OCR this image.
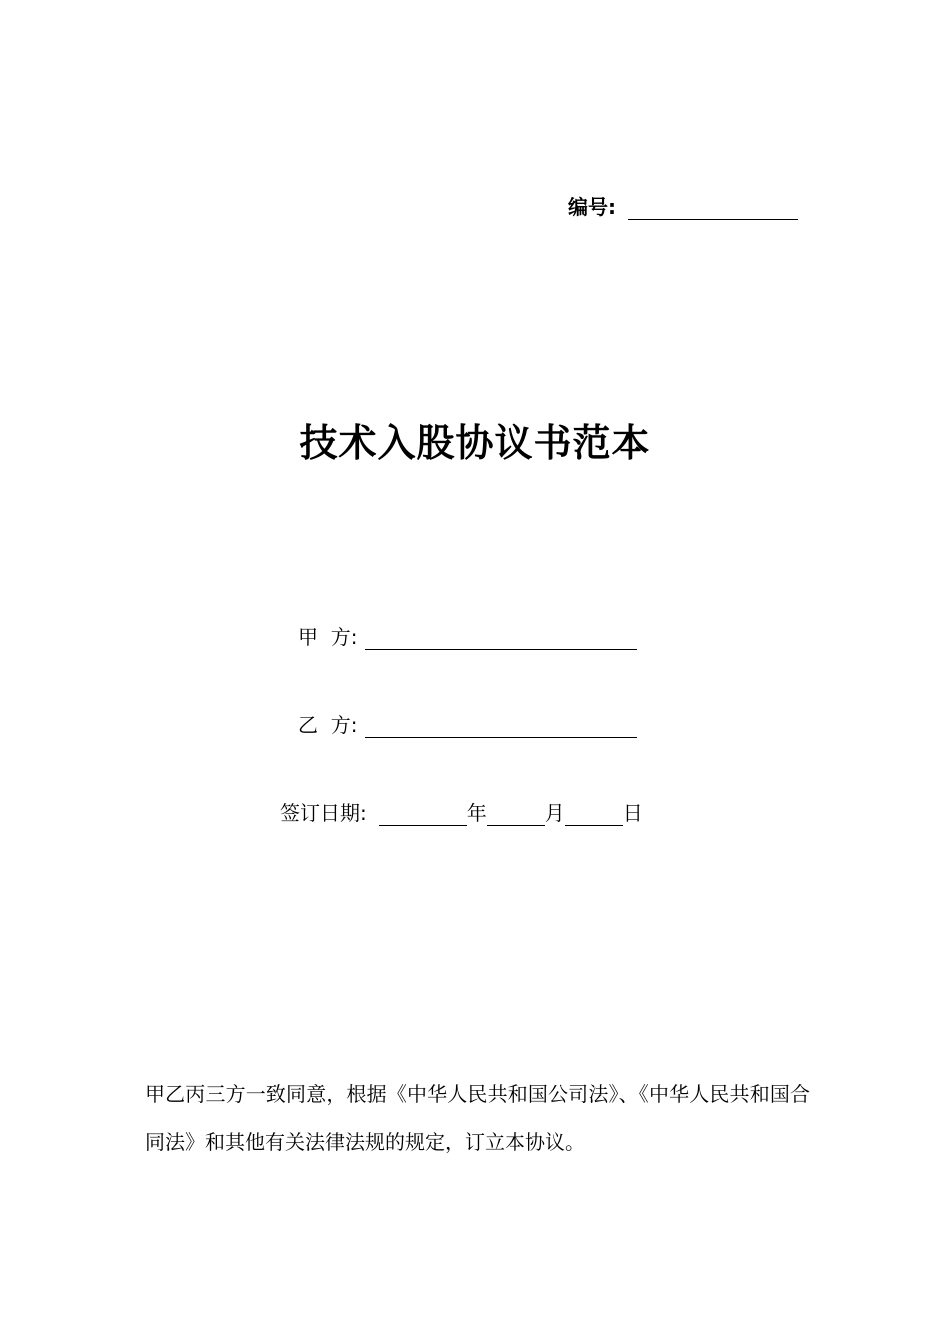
编号:
技术入股协议书范本
甲  方:
乙  方:
签订日期:	年	月	日

甲乙丙三方一致同意，根据《中华人民共和国公司法》、《中华人民共和国合同法》和其他有关法律法规的规定，订立本协议。
